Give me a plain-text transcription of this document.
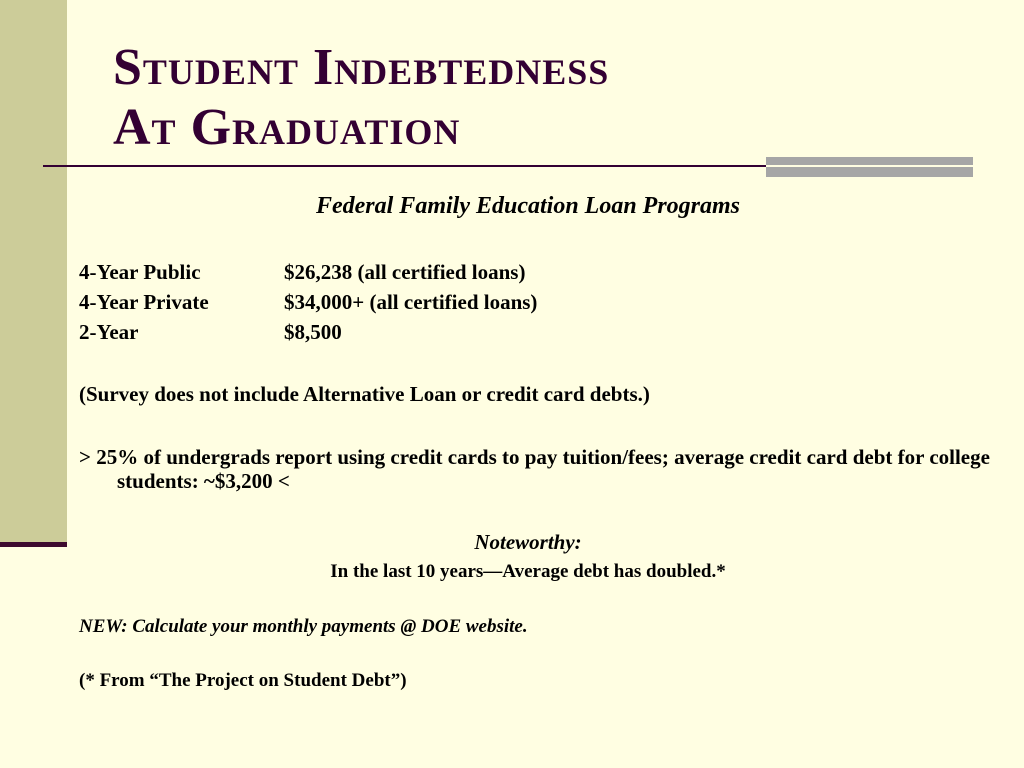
Student Indebtedness
At Graduation
Federal Family Education Loan Programs
4-Year Public	$26,238 (all certified loans)
4-Year Private	$34,000+ (all certified loans)
2-Year	$8,500
(Survey does not include Alternative Loan or credit card debts.)
> 25% of undergrads report using credit cards to pay tuition/fees; average credit card debt for college students: ~$3,200 <
Noteworthy:
In the last 10 years—Average debt has doubled.*
NEW: Calculate your monthly payments @ DOE website.
(* From “The Project on Student Debt”)
